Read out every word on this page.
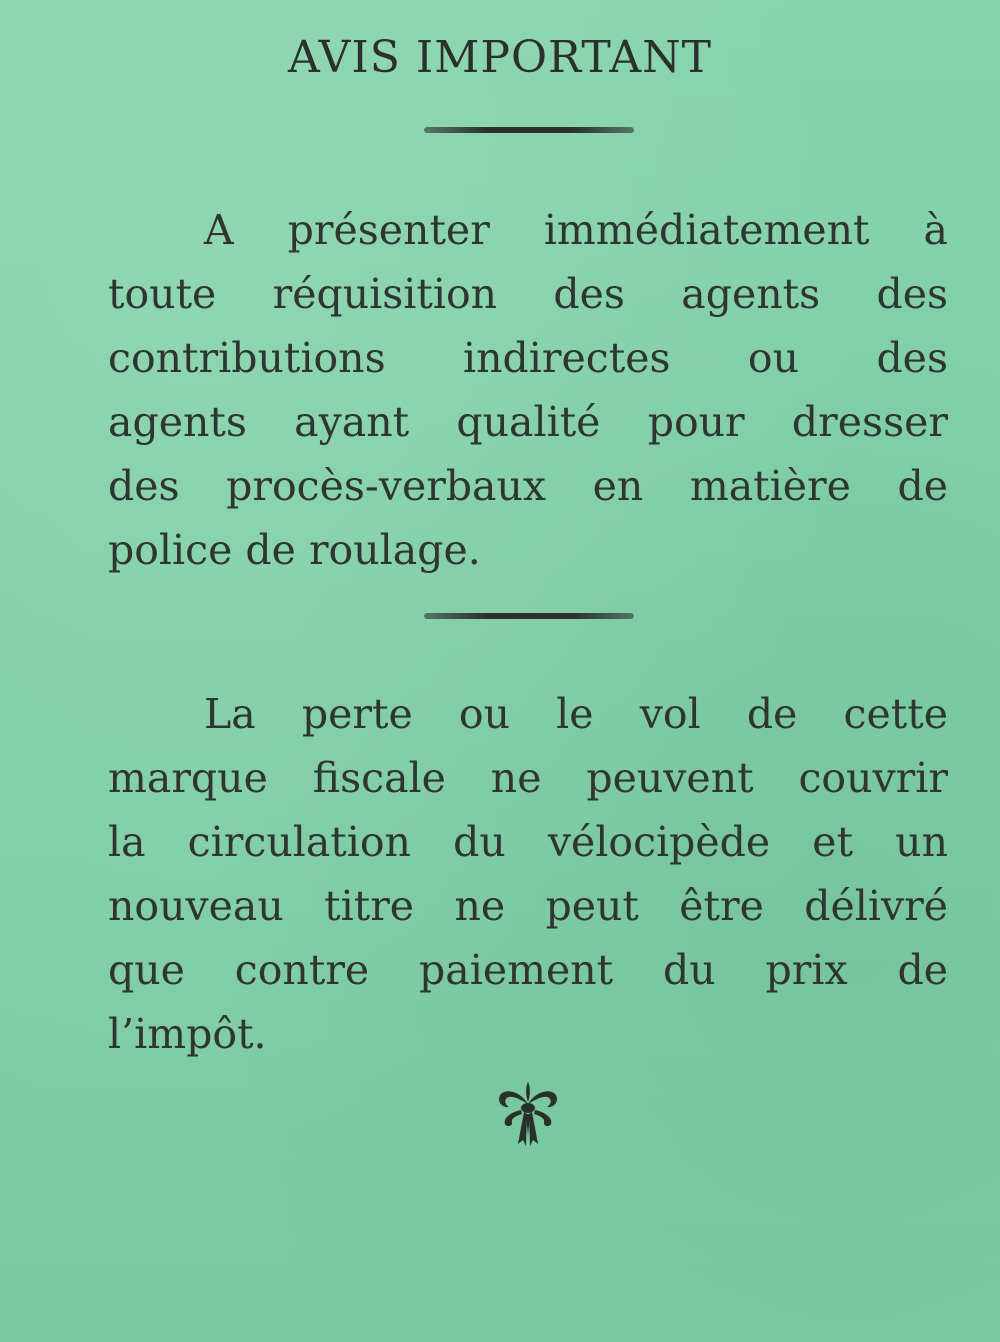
AVIS IMPORTANT

A présenter immédiatement à
toute réquisition des agents des
contributions indirectes ou des
agents ayant qualité pour dresser
des procès-verbaux en matière de
police de roulage.

La perte ou le vol de cette
marque fiscale ne peuvent couvrir
la circulation du vélocipède et un
nouveau titre ne peut être délivré
que contre paiement du prix de
l’impôt.
